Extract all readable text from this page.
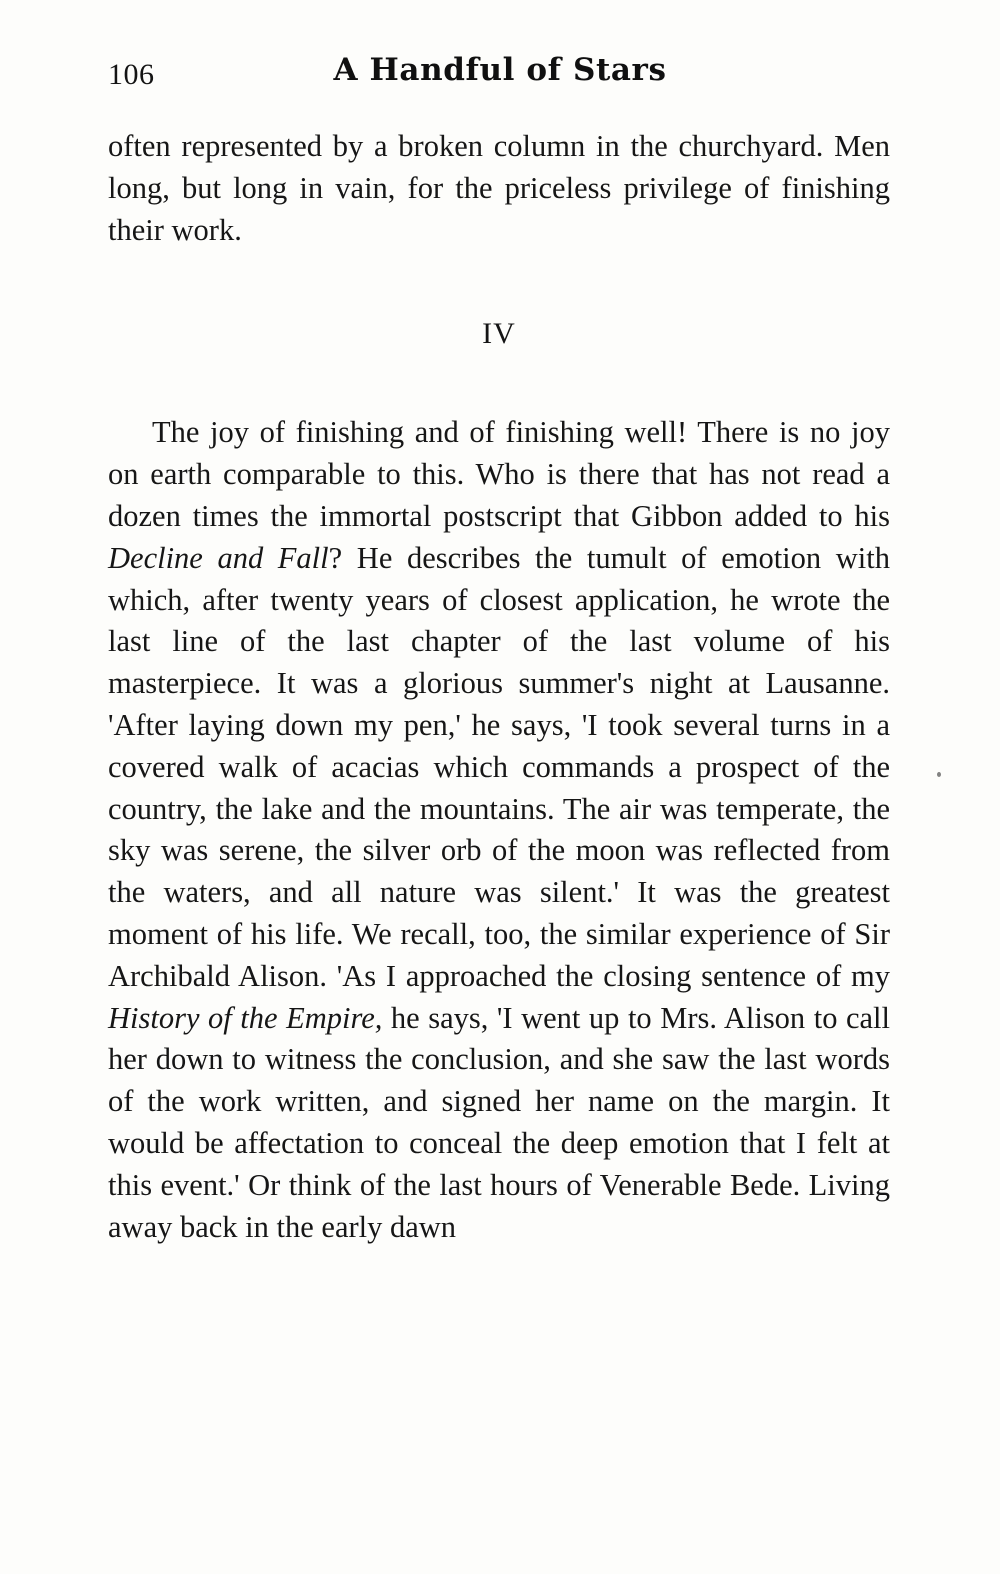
106	A Handful of Stars

often represented by a broken column in the churchyard. Men long, but long in vain, for the priceless privilege of finishing their work.

IV

The joy of finishing and of finishing well! There is no joy on earth comparable to this. Who is there that has not read a dozen times the immortal postscript that Gibbon added to his Decline and Fall? He describes the tumult of emotion with which, after twenty years of closest application, he wrote the last line of the last chapter of the last volume of his masterpiece. It was a glorious summer's night at Lausanne. 'After laying down my pen,' he says, 'I took several turns in a covered walk of acacias which commands a prospect of the country, the lake and the mountains. The air was temperate, the sky was serene, the silver orb of the moon was reflected from the waters, and all nature was silent.' It was the greatest moment of his life. We recall, too, the similar experience of Sir Archibald Alison. 'As I approached the closing sentence of my History of the Empire, he says, 'I went up to Mrs. Alison to call her down to witness the conclusion, and she saw the last words of the work written, and signed her name on the margin. It would be affectation to conceal the deep emotion that I felt at this event.' Or think of the last hours of Venerable Bede. Living away back in the early dawn
